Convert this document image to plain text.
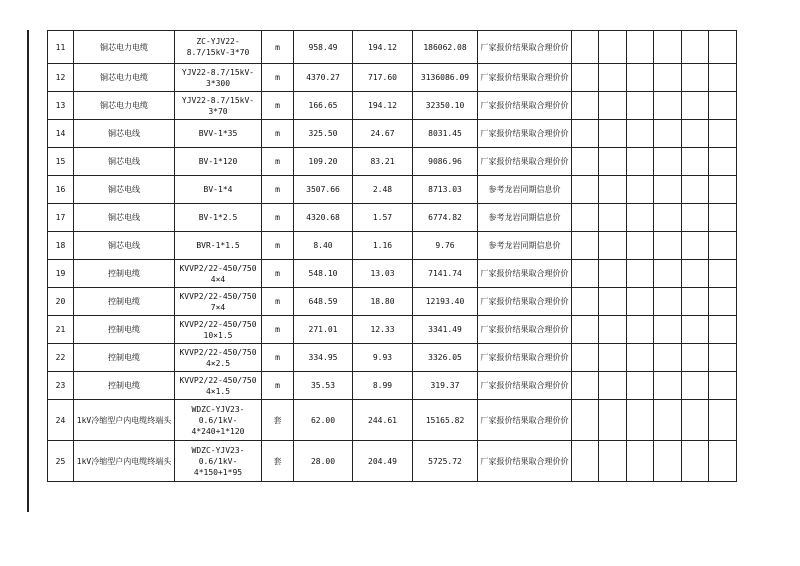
11	铜芯电力电缆	ZC-YJV22-8.7/15kV-3*70	m	958.49	194.12	186062.08	厂家报价结果取合理价价						
12	铜芯电力电缆	YJV22-8.7/15kV-3*300	m	4370.27	717.60	3136086.09	厂家报价结果取合理价价						
13	铜芯电力电缆	YJV22-8.7/15kV-3*70	m	166.65	194.12	32350.10	厂家报价结果取合理价价						
14	铜芯电线	BVV-1*35	m	325.50	24.67	8031.45	厂家报价结果取合理价价						
15	铜芯电线	BV-1*120	m	109.20	83.21	9086.96	厂家报价结果取合理价价						
16	铜芯电线	BV-1*4	m	3507.66	2.48	8713.03	参考龙岩同期信息价						
17	铜芯电线	BV-1*2.5	m	4320.68	1.57	6774.82	参考龙岩同期信息价						
18	铜芯电线	BVR-1*1.5	m	8.40	1.16	9.76	参考龙岩同期信息价						
19	控制电缆	KVVP2/22-450/750 4×4	m	548.10	13.03	7141.74	厂家报价结果取合理价价						
20	控制电缆	KVVP2/22-450/750 7×4	m	648.59	18.80	12193.40	厂家报价结果取合理价价						
21	控制电缆	KVVP2/22-450/750 10×1.5	m	271.01	12.33	3341.49	厂家报价结果取合理价价						
22	控制电缆	KVVP2/22-450/750 4×2.5	m	334.95	9.93	3326.05	厂家报价结果取合理价价						
23	控制电缆	KVVP2/22-450/750 4×1.5	m	35.53	8.99	319.37	厂家报价结果取合理价价						
24	1kV冷缩型户内电缆终端头	WDZC-YJV23-0.6/1kV-4*240+1*120	套	62.00	244.61	15165.82	厂家报价结果取合理价价						
25	1kV冷缩型户内电缆终端头	WDZC-YJV23-0.6/1kV-4*150+1*95	套	28.00	204.49	5725.72	厂家报价结果取合理价价						
